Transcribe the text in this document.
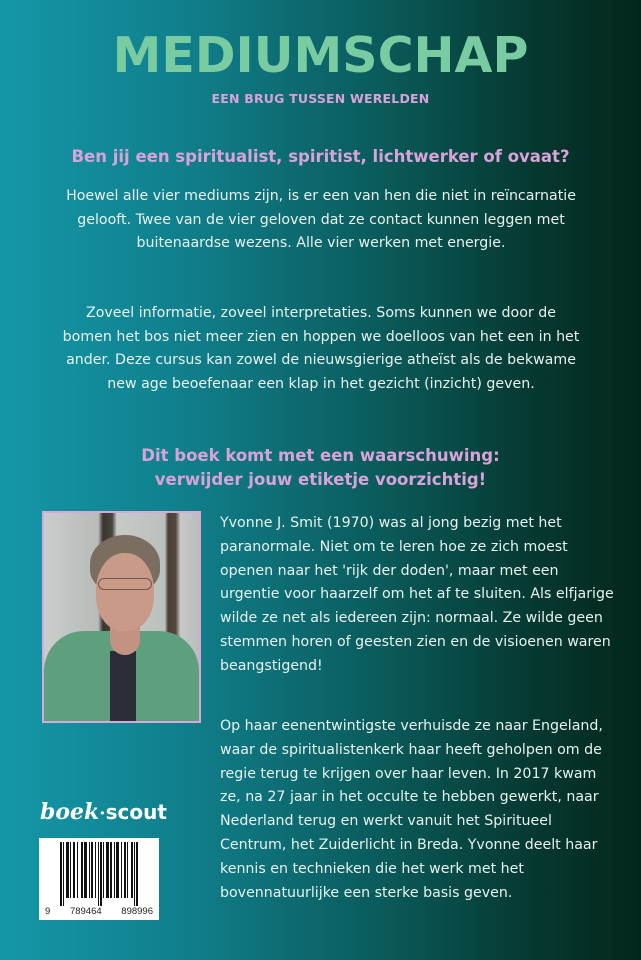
MEDIUMSCHAP
EEN BRUG TUSSEN WERELDEN
Ben jij een spiritualist, spiritist, lichtwerker of ovaat?
Hoewel alle vier mediums zijn, is er een van hen die niet in reïncarnatie gelooft. Twee van de vier geloven dat ze contact kunnen leggen met buitenaardse wezens. Alle vier werken met energie.
Zoveel informatie, zoveel interpretaties. Soms kunnen we door de bomen het bos niet meer zien en hoppen we doelloos van het een in het ander. Deze cursus kan zowel de nieuwsgierige atheïst als de bekwame new age beoefenaar een klap in het gezicht (inzicht) geven.
Dit boek komt met een waarschuwing:
verwijder jouw etiketje voorzichtig!
Yvonne J. Smit (1970) was al jong bezig met het paranormale. Niet om te leren hoe ze zich moest openen naar het 'rijk der doden', maar met een urgentie voor haarzelf om het af te sluiten. Als elfjarige wilde ze net als iedereen zijn: normaal. Ze wilde geen stemmen horen of geesten zien en de visioenen waren beangstigend!
Op haar eenentwintigste verhuisde ze naar Engeland, waar de spiritualistenkerk haar heeft geholpen om de regie terug te krijgen over haar leven. In 2017 kwam ze, na 27 jaar in het occulte te hebben gewerkt, naar Nederland terug en werkt vanuit het Spiritueel Centrum, het Zuiderlicht in Breda. Yvonne deelt haar kennis en technieken die het werk met het bovennatuurlijke een sterke basis geven.
boek·scout
9 789464 898996
